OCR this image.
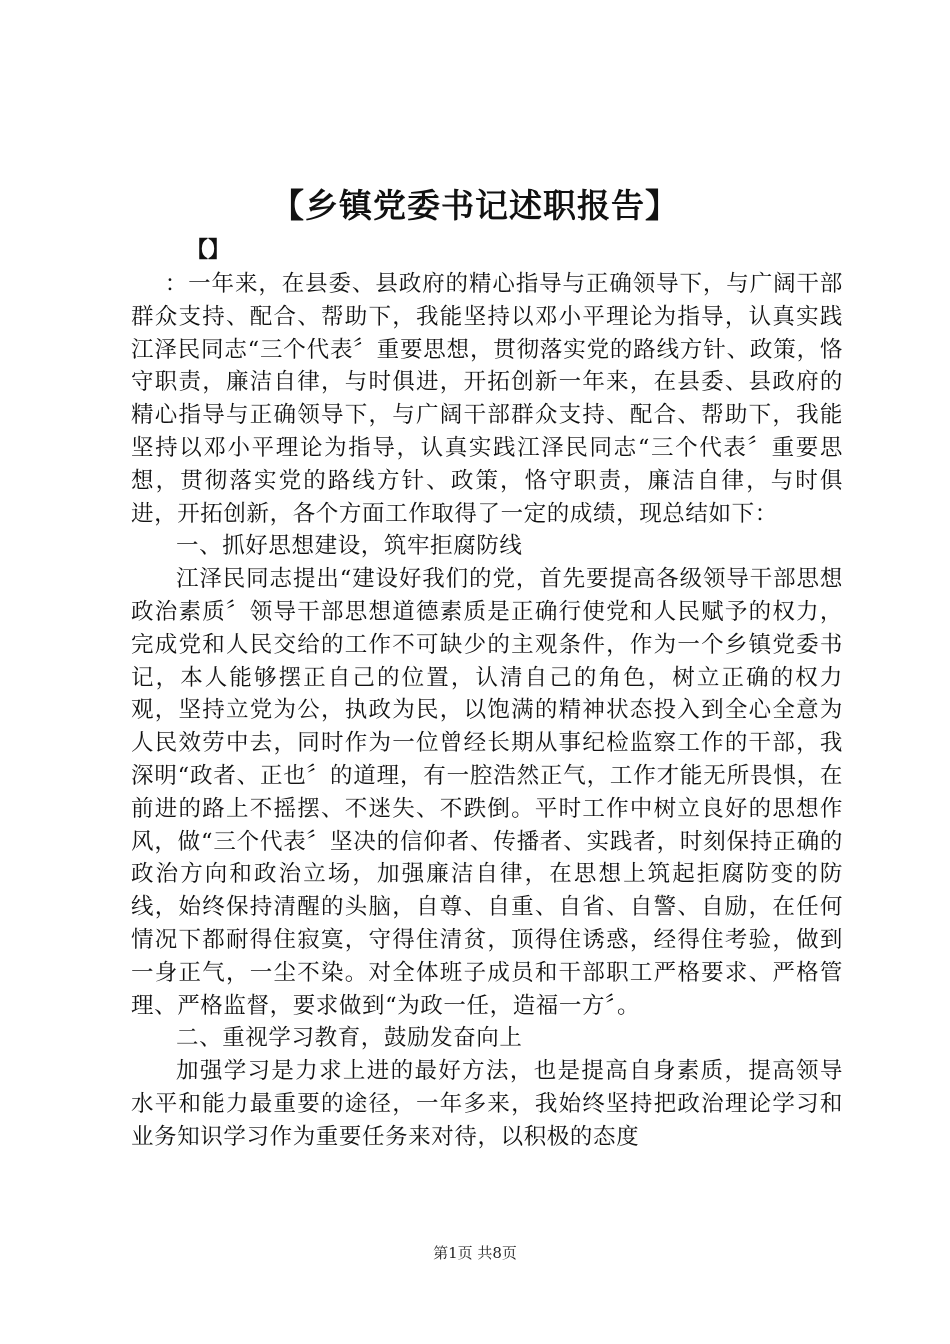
【乡镇党委书记述职报告】
【】

：一年来，在县委、县政府的精心指导与正确领导下，与广阔干部群众支持、配合、帮助下，我能坚持以邓小平理论为指导，认真实践江泽民同志“三个代表〞重要思想，贯彻落实党的路线方针、政策，恪守职责，廉洁自律，与时俱进，开拓创新一年来，在县委、县政府的精心指导与正确领导下，与广阔干部群众支持、配合、帮助下，我能坚持以邓小平理论为指导，认真实践江泽民同志“三个代表〞重要思想，贯彻落实党的路线方针、政策，恪守职责，廉洁自律，与时俱进，开拓创新，各个方面工作取得了一定的成绩，现总结如下：

一、抓好思想建设，筑牢拒腐防线

江泽民同志提出“建设好我们的党，首先要提高各级领导干部思想政治素质〞领导干部思想道德素质是正确行使党和人民赋予的权力，完成党和人民交给的工作不可缺少的主观条件，作为一个乡镇党委书记，本人能够摆正自己的位置，认清自己的角色，树立正确的权力观，坚持立党为公，执政为民，以饱满的精神状态投入到全心全意为人民效劳中去，同时作为一位曾经长期从事纪检监察工作的干部，我深明“政者、正也〞的道理，有一腔浩然正气，工作才能无所畏惧，在前进的路上不摇摆、不迷失、不跌倒。平时工作中树立良好的思想作风，做“三个代表〞坚决的信仰者、传播者、实践者，时刻保持正确的政治方向和政治立场，加强廉洁自律，在思想上筑起拒腐防变的防线，始终保持清醒的头脑，自尊、自重、自省、自警、自励，在任何情况下都耐得住寂寞，守得住清贫，顶得住诱惑，经得住考验，做到一身正气，一尘不染。对全体班子成员和干部职工严格要求、严格管理、严格监督，要求做到“为政一任，造福一方〞。

二、重视学习教育，鼓励发奋向上

加强学习是力求上进的最好方法，也是提高自身素质，提高领导水平和能力最重要的途径，一年多来，我始终坚持把政治理论学习和业务知识学习作为重要任务来对待，以积极的态度

第1页 共8页
